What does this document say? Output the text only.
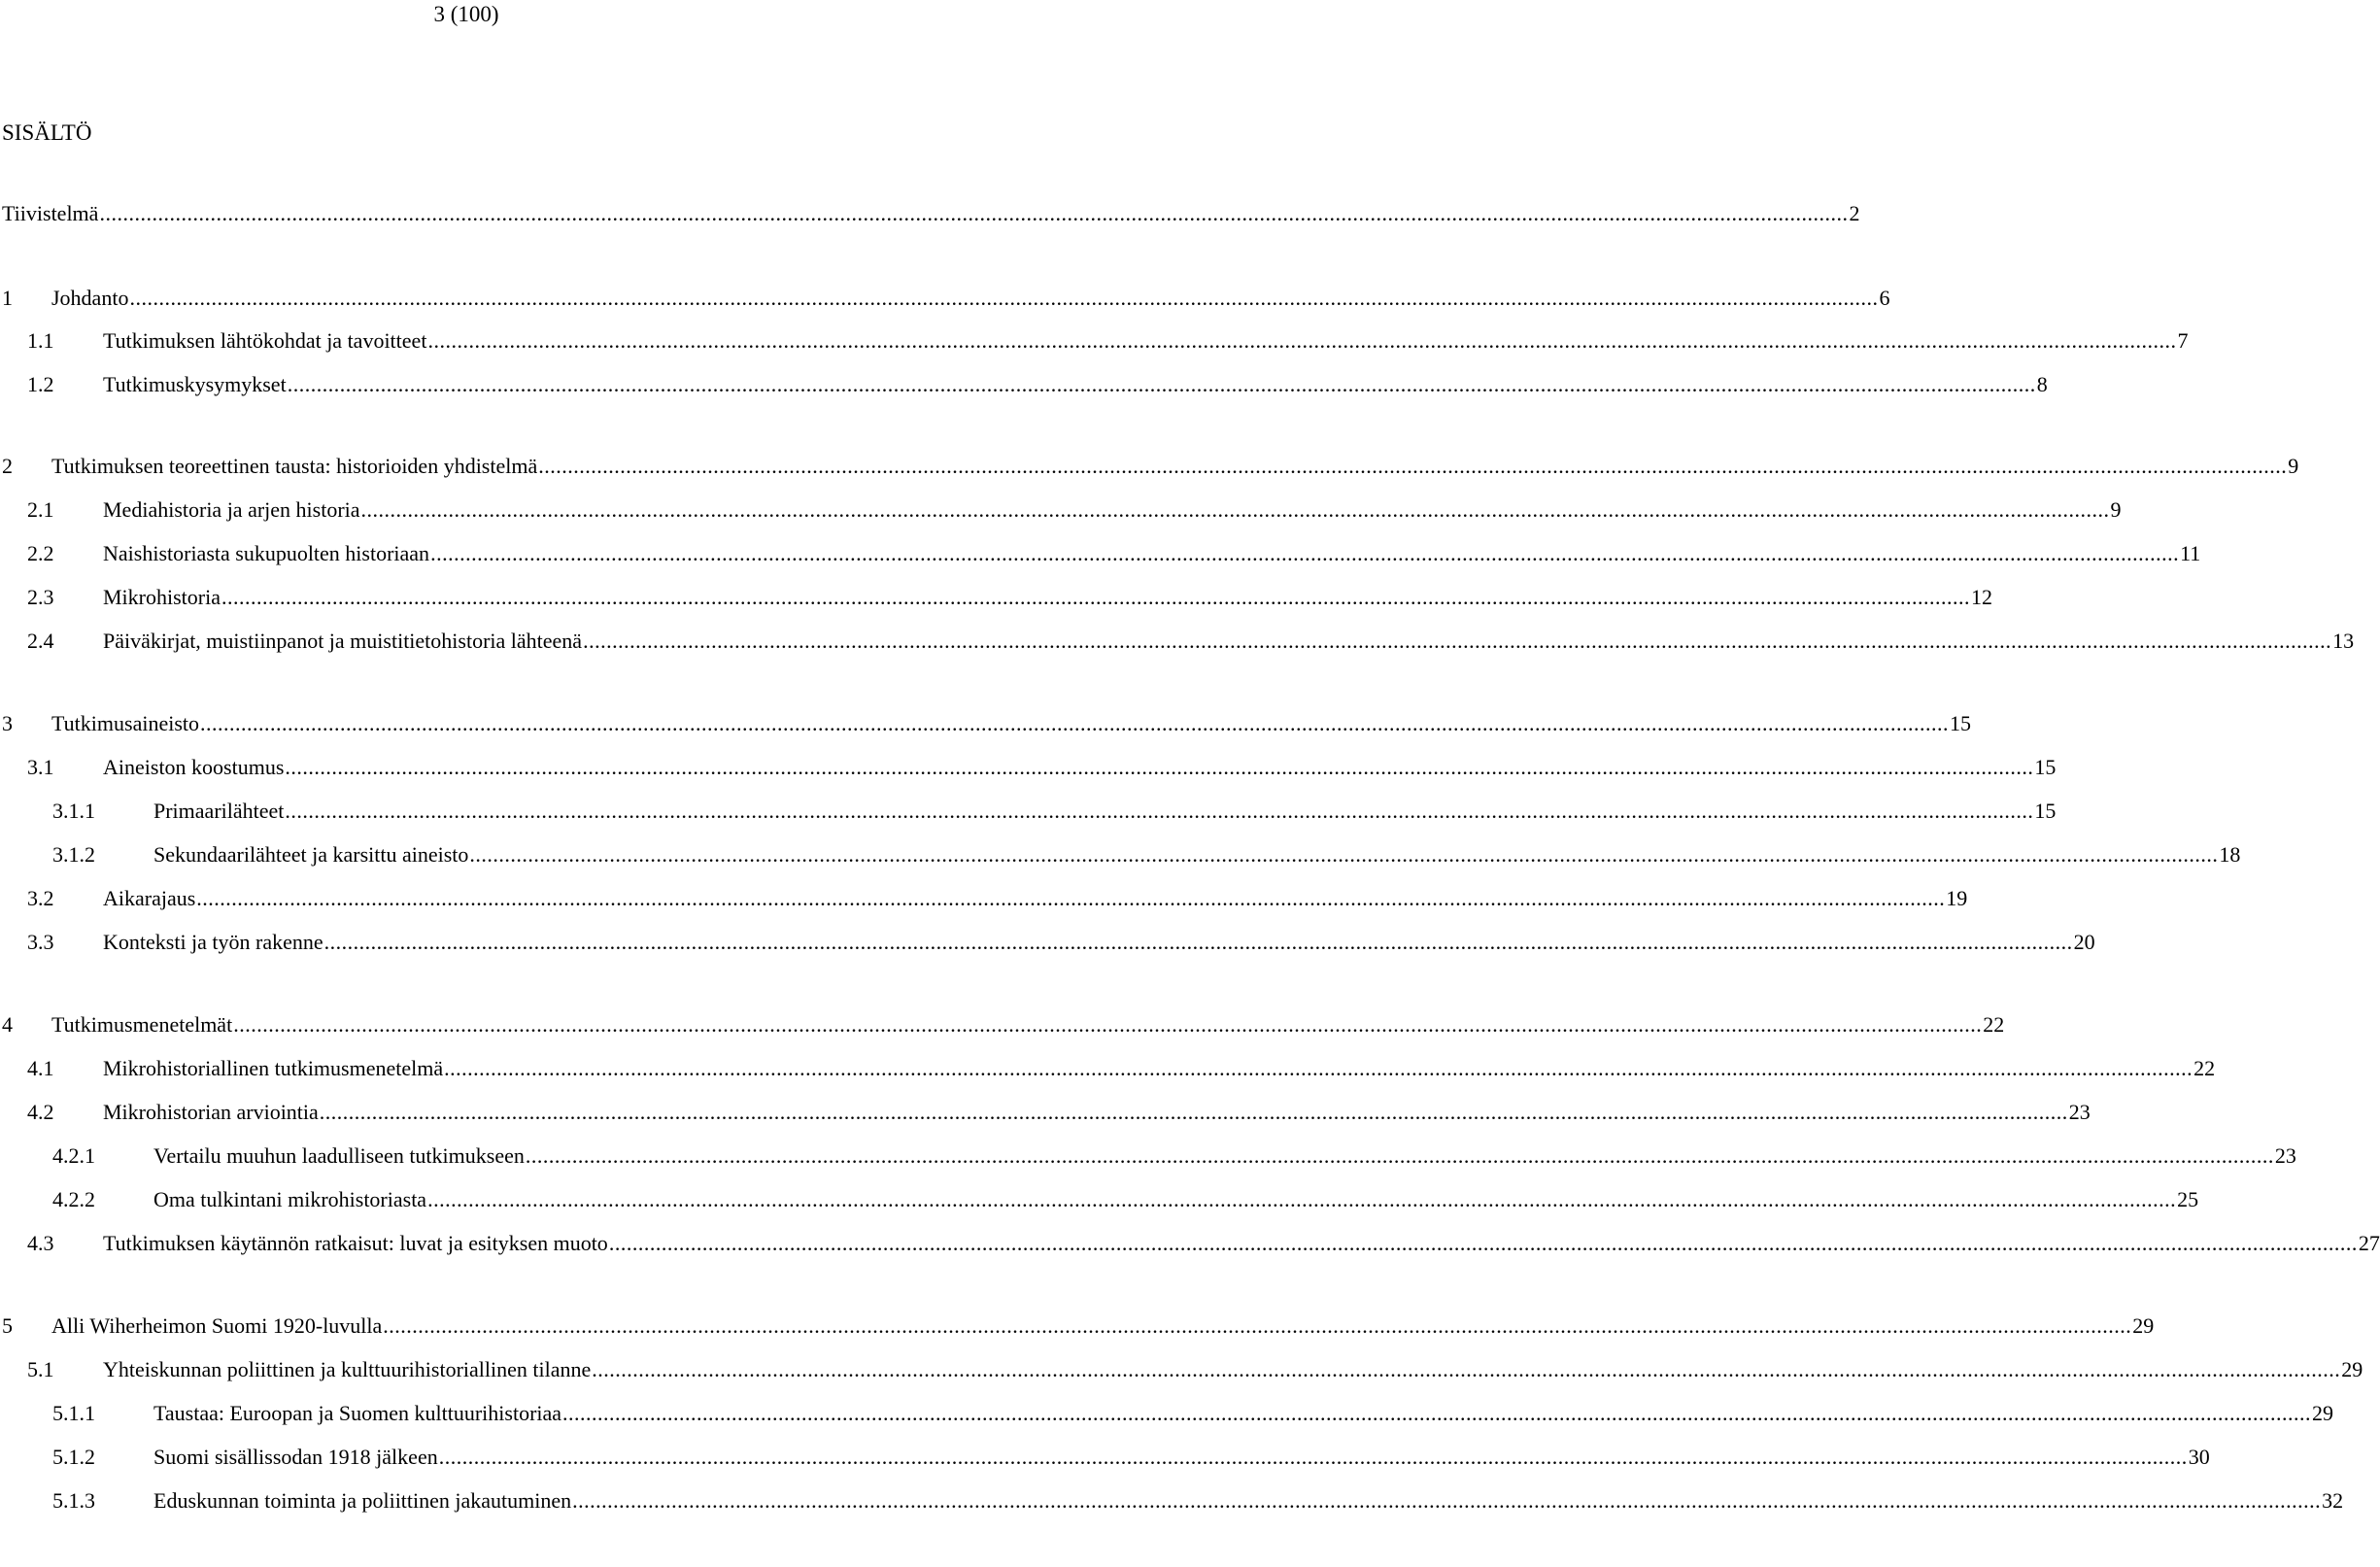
3 (100)
SISÄLTÖ
Tiivistelmä ............................................................................................................................................................................................................................................................................................................ 2
1 Johdanto ............................................................................................................................................................................................................................................................................................................ 6
1.1 Tutkimuksen lähtökohdat ja tavoitteet ............................................................................................................................................................................................................................................................................................................ 7
1.2 Tutkimuskysymykset ............................................................................................................................................................................................................................................................................................................ 8
2 Tutkimuksen teoreettinen tausta: historioiden yhdistelmä ............................................................................................................................................................................................................................................................................................................ 9
2.1 Mediahistoria ja arjen historia ............................................................................................................................................................................................................................................................................................................ 9
2.2 Naishistoriasta sukupuolten historiaan ............................................................................................................................................................................................................................................................................................................ 11
2.3 Mikrohistoria ............................................................................................................................................................................................................................................................................................................ 12
2.4 Päiväkirjat, muistiinpanot ja muistitietohistoria lähteenä ............................................................................................................................................................................................................................................................................................................ 13
3 Tutkimusaineisto ............................................................................................................................................................................................................................................................................................................ 15
3.1 Aineiston koostumus ............................................................................................................................................................................................................................................................................................................ 15
3.1.1	Primaarilähteet ............................................................................................................................................................................................................................................................................................................ 15
3.1.2	Sekundaarilähteet ja karsittu aineisto ............................................................................................................................................................................................................................................................................................................ 18
3.2 Aikarajaus ............................................................................................................................................................................................................................................................................................................ 19
3.3 Konteksti ja työn rakenne ............................................................................................................................................................................................................................................................................................................ 20
4 Tutkimusmenetelmät ............................................................................................................................................................................................................................................................................................................ 22
4.1 Mikrohistoriallinen tutkimusmenetelmä ............................................................................................................................................................................................................................................................................................................ 22
4.2 Mikrohistorian arviointia ............................................................................................................................................................................................................................................................................................................ 23
4.2.1	Vertailu muuhun laadulliseen tutkimukseen ............................................................................................................................................................................................................................................................................................................ 23
4.2.2	Oma tulkintani mikrohistoriasta ............................................................................................................................................................................................................................................................................................................ 25
4.3 Tutkimuksen käytännön ratkaisut: luvat ja esityksen muoto ............................................................................................................................................................................................................................................................................................................ 27
5 Alli Wiherheimon Suomi 1920-luvulla ............................................................................................................................................................................................................................................................................................................ 29
5.1 Yhteiskunnan poliittinen ja kulttuurihistoriallinen tilanne ............................................................................................................................................................................................................................................................................................................ 29
5.1.1	Taustaa: Euroopan ja Suomen kulttuurihistoriaa ............................................................................................................................................................................................................................................................................................................ 29
5.1.2	Suomi sisällissodan 1918 jälkeen ............................................................................................................................................................................................................................................................................................................ 30
5.1.3	Eduskunnan toiminta ja poliittinen jakautuminen ............................................................................................................................................................................................................................................................................................................ 32
